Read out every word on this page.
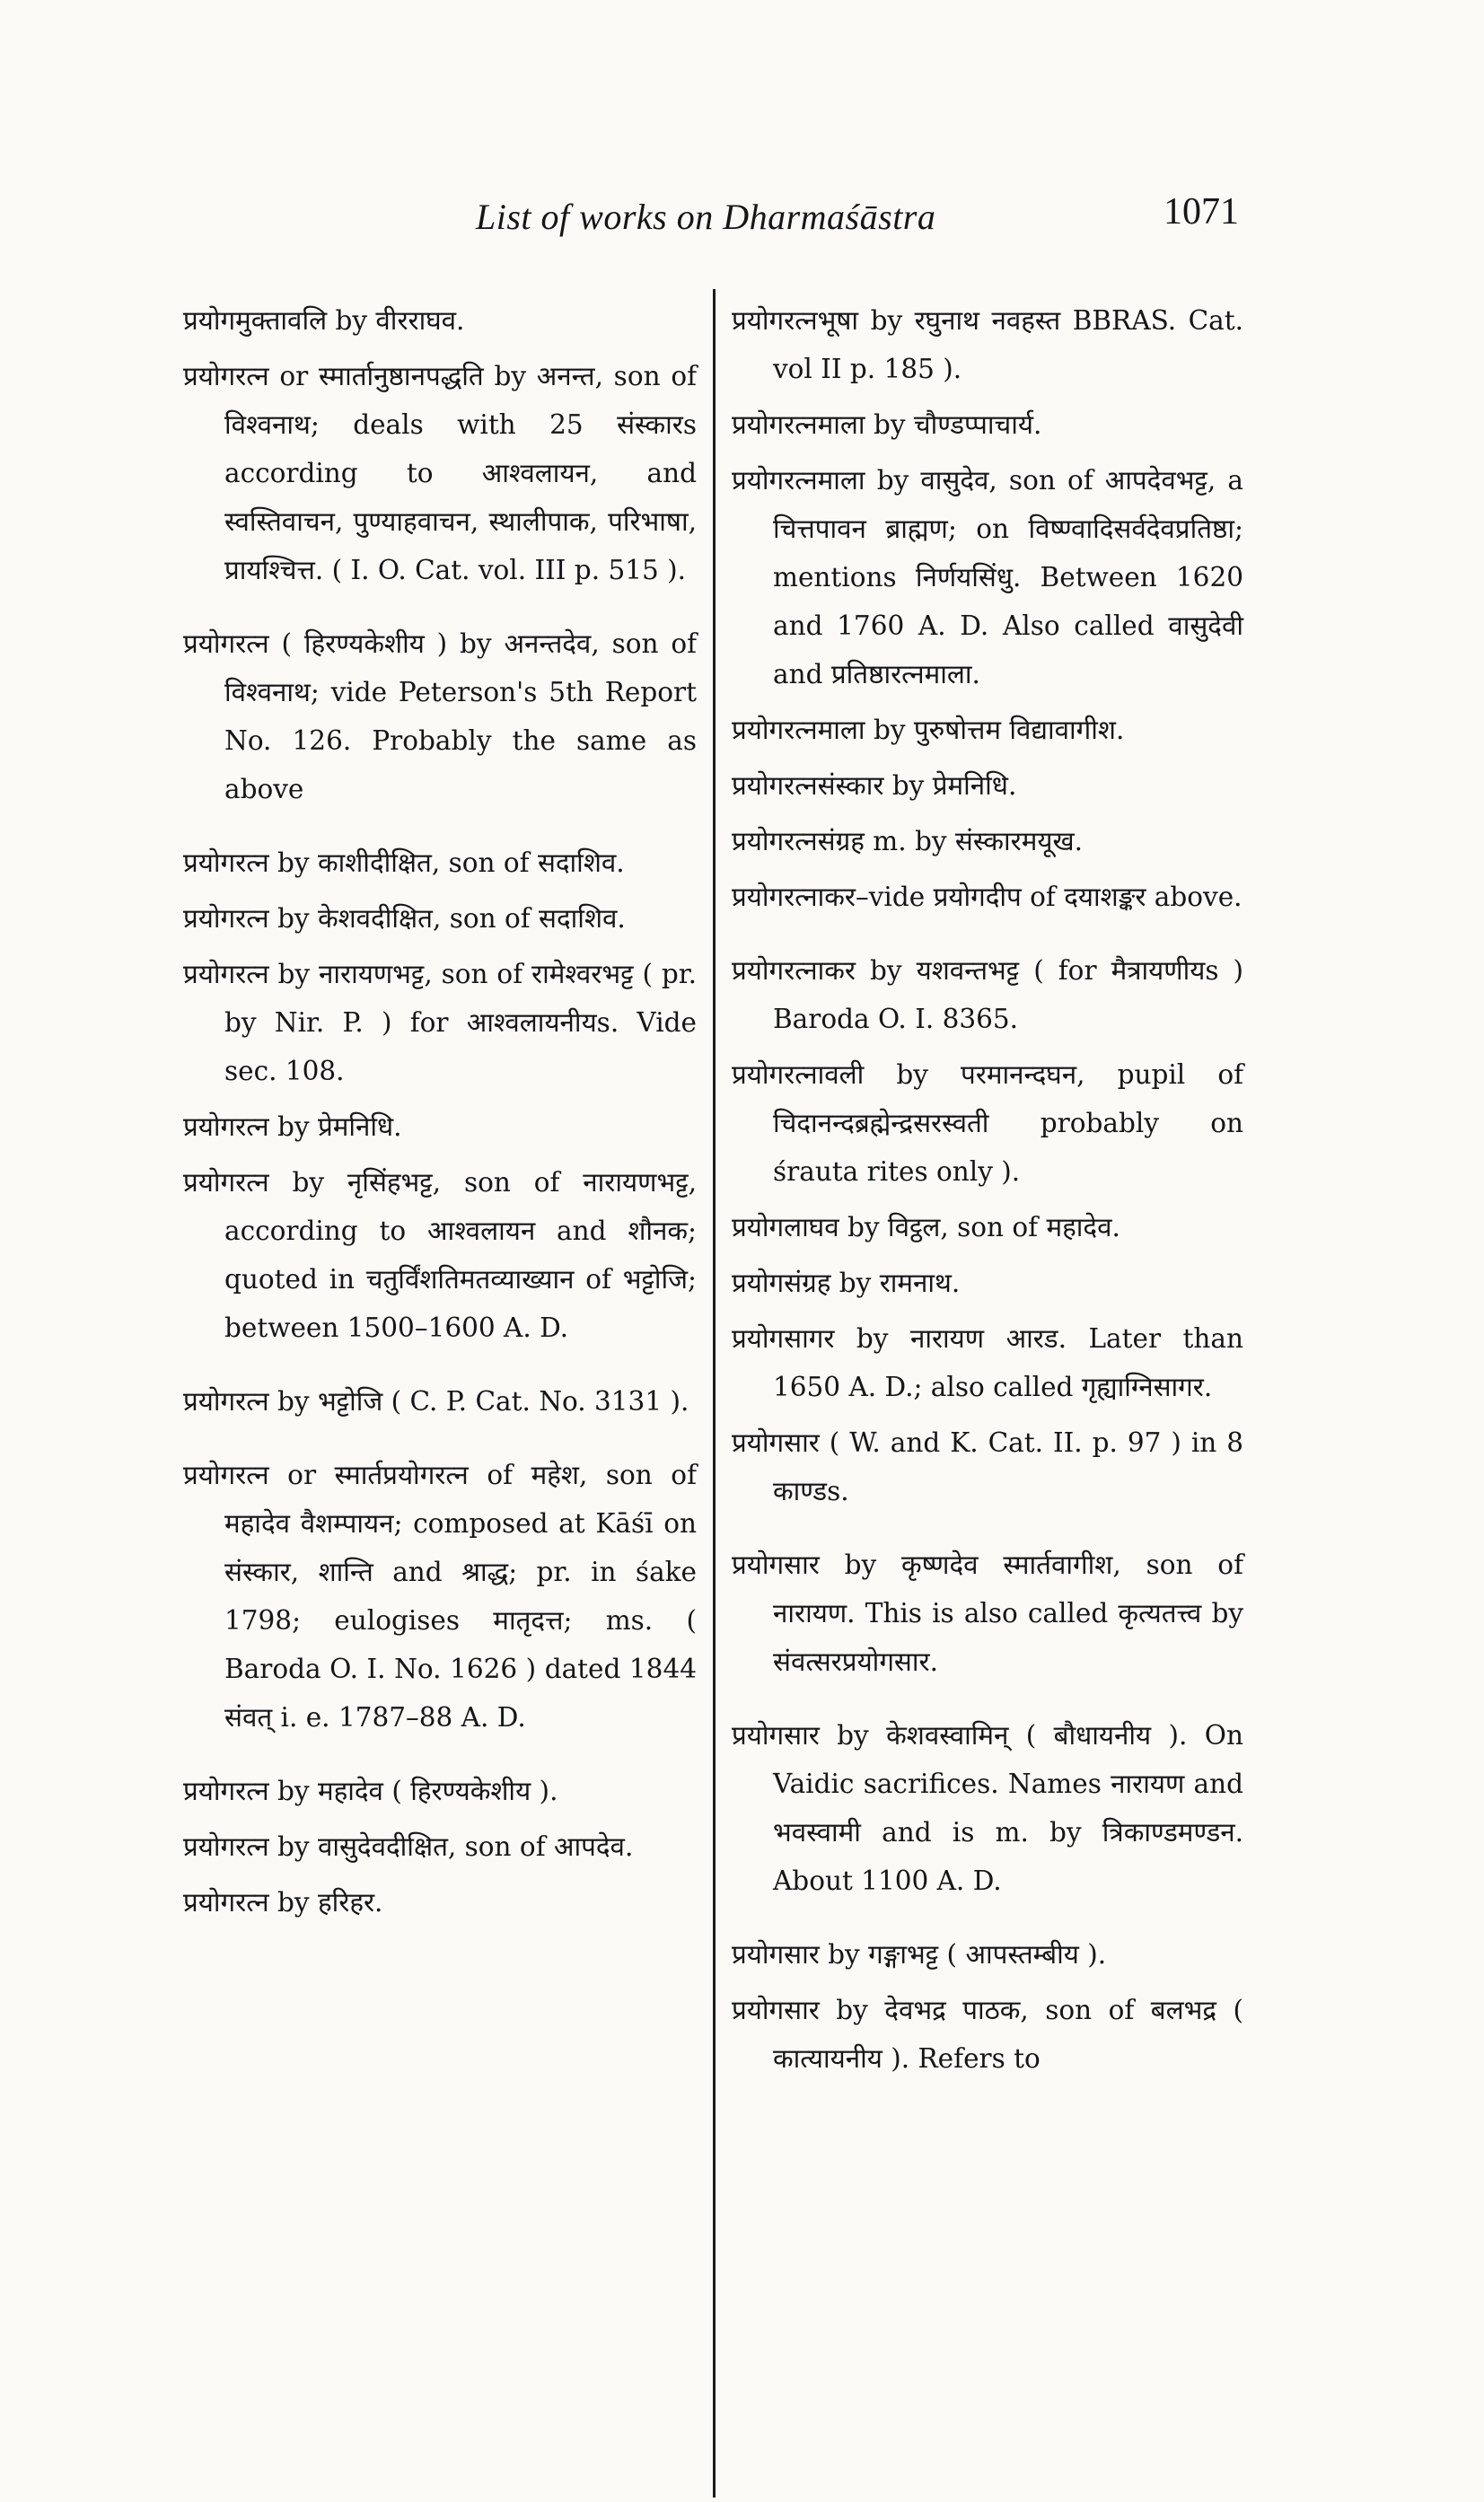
List of works on Dharmaśāstra	1071

प्रयोगमुक्तावलि by वीरराघव.

प्रयोगरत्न or स्मार्तानुष्ठानपद्धति by अनन्त, son of विश्वनाथ; deals with 25 संस्कारs according to आश्वलायन, and स्वस्तिवाचन, पुण्याहवाचन, स्थालीपाक, परिभाषा, प्रायश्चित्त. ( I. O. Cat. vol. III p. 515 ).

प्रयोगरत्न ( हिरण्यकेशीय ) by अनन्तदेव, son of विश्वनाथ; vide Peterson's 5th Report No. 126. Probably the same as above

प्रयोगरत्न by काशीदीक्षित, son of सदाशिव.

प्रयोगरत्न by केशवदीक्षित, son of सदाशिव.

प्रयोगरत्न by नारायणभट्ट, son of रामेश्वरभट्ट ( pr. by Nir. P. ) for आश्वलायनीयs. Vide sec. 108.

प्रयोगरत्न by प्रेमनिधि.

प्रयोगरत्न by नृसिंहभट्ट, son of नारायणभट्ट, according to आश्वलायन and शौनक; quoted in चतुर्विंशतिमतव्याख्यान of भट्टोजि; between 1500–1600 A. D.

प्रयोगरत्न by भट्टोजि ( C. P. Cat. No. 3131 ).

प्रयोगरत्न or स्मार्तप्रयोगरत्न of महेश, son of महादेव वैशम्पायन; composed at Kāśī on संस्कार, शान्ति and श्राद्ध; pr. in śake 1798; eulogises मातृदत्त; ms. ( Baroda O. I. No. 1626 ) dated 1844 संवत् i. e. 1787–88 A. D.

प्रयोगरत्न by महादेव ( हिरण्यकेशीय ).

प्रयोगरत्न by वासुदेवदीक्षित, son of आपदेव.

प्रयोगरत्न by हरिहर.

प्रयोगरत्नभूषा by रघुनाथ नवहस्त BBRAS. Cat. vol II p. 185 ).

प्रयोगरत्नमाला by चौण्डप्पाचार्य.

प्रयोगरत्नमाला by वासुदेव, son of आपदेवभट्ट, a चित्तपावन ब्राह्मण; on विष्ण्वादिसर्वदेवप्रतिष्ठा; mentions निर्णयसिंधु. Between 1620 and 1760 A. D. Also called वासुदेवी and प्रतिष्ठारत्नमाला.

प्रयोगरत्नमाला by पुरुषोत्तम विद्यावागीश.

प्रयोगरत्नसंस्कार by प्रेमनिधि.

प्रयोगरत्नसंग्रह m. by संस्कारमयूख.

प्रयोगरत्नाकर–vide प्रयोगदीप of दयाशङ्कर above.

प्रयोगरत्नाकर by यशवन्तभट्ट ( for मैत्रायणीयs ) Baroda O. I. 8365.

प्रयोगरत्नावली by परमानन्दघन, pupil of चिदानन्दब्रह्मेन्द्रसरस्वती probably on śrauta rites only ).

प्रयोगलाघव by विट्ठल, son of महादेव.

प्रयोगसंग्रह by रामनाथ.

प्रयोगसागर by नारायण आरड. Later than 1650 A. D.; also called गृह्याग्निसागर.

प्रयोगसार ( W. and K. Cat. II. p. 97 ) in 8 काण्डs.

प्रयोगसार by कृष्णदेव स्मार्तवागीश, son of नारायण. This is also called कृत्यतत्त्व by संवत्सरप्रयोगसार.

प्रयोगसार by केशवस्वामिन् ( बौधायनीय ). On Vaidic sacrifices. Names नारायण and भवस्वामी and is m. by त्रिकाण्डमण्डन. About 1100 A. D.

प्रयोगसार by गङ्गाभट्ट ( आपस्तम्बीय ).

प्रयोगसार by देवभद्र पाठक, son of बलभद्र ( कात्यायनीय ). Refers to
